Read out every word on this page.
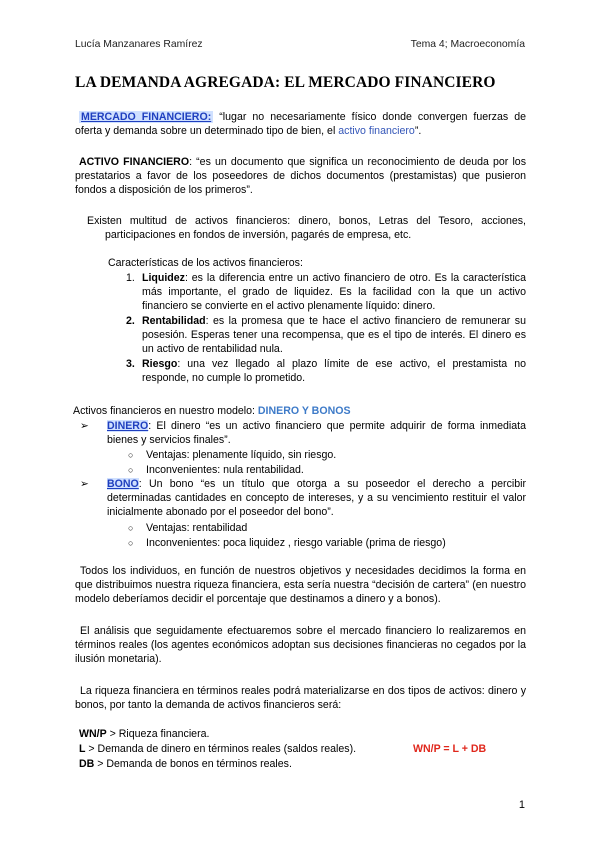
Lucía Manzanares Ramírez	Tema 4; Macroeconomía
LA DEMANDA AGREGADA: EL MERCADO FINANCIERO
MERCADO FINANCIERO: “lugar no necesariamente físico donde convergen fuerzas de oferta y demanda sobre un determinado tipo de bien, el activo financiero”.
ACTIVO FINANCIERO: “es un documento que significa un reconocimiento de deuda por los prestatarios a favor de los poseedores de dichos documentos (prestamistas) que pusieron fondos a disposición de los primeros”.
Existen multitud de activos financieros: dinero, bonos, Letras del Tesoro, acciones, participaciones en fondos de inversión, pagarés de empresa, etc.
Características de los activos financieros:
1. Liquidez: es la diferencia entre un activo financiero de otro. Es la característica más importante, el grado de liquidez. Es la facilidad con la que un activo financiero se convierte en el activo plenamente líquido: dinero.
2. Rentabilidad: es la promesa que te hace el activo financiero de remunerar su posesión. Esperas tener una recompensa, que es el tipo de interés. El dinero es un activo de rentabilidad nula.
3. Riesgo: una vez llegado al plazo límite de ese activo, el prestamista no responde, no cumple lo prometido.
Activos financieros en nuestro modelo: DINERO Y BONOS
➢	DINERO: El dinero “es un activo financiero que permite adquirir de forma inmediata bienes y servicios finales”.
○	Ventajas: plenamente líquido, sin riesgo.
○	Inconvenientes: nula rentabilidad.
➢	BONO: Un bono “es un título que otorga a su poseedor el derecho a percibir determinadas cantidades en concepto de intereses, y a su vencimiento restituir el valor inicialmente abonado por el poseedor del bono”.
○	Ventajas: rentabilidad
○	Inconvenientes: poca liquidez , riesgo variable (prima de riesgo)
Todos los individuos, en función de nuestros objetivos y necesidades decidimos la forma en que distribuimos nuestra riqueza financiera, esta sería nuestra “decisión de cartera” (en nuestro modelo deberíamos decidir el porcentaje que destinamos a dinero y a bonos).
El análisis que seguidamente efectuaremos sobre el mercado financiero lo realizaremos en términos reales (los agentes económicos adoptan sus decisiones financieras no cegados por la ilusión monetaria).
La riqueza financiera en términos reales podrá materializarse en dos tipos de activos: dinero y bonos, por tanto la demanda de activos financieros será:
WN/P > Riqueza financiera.
L > Demanda de dinero en términos reales (saldos reales).	WN/P = L + DB
DB > Demanda de bonos en términos reales.
1
